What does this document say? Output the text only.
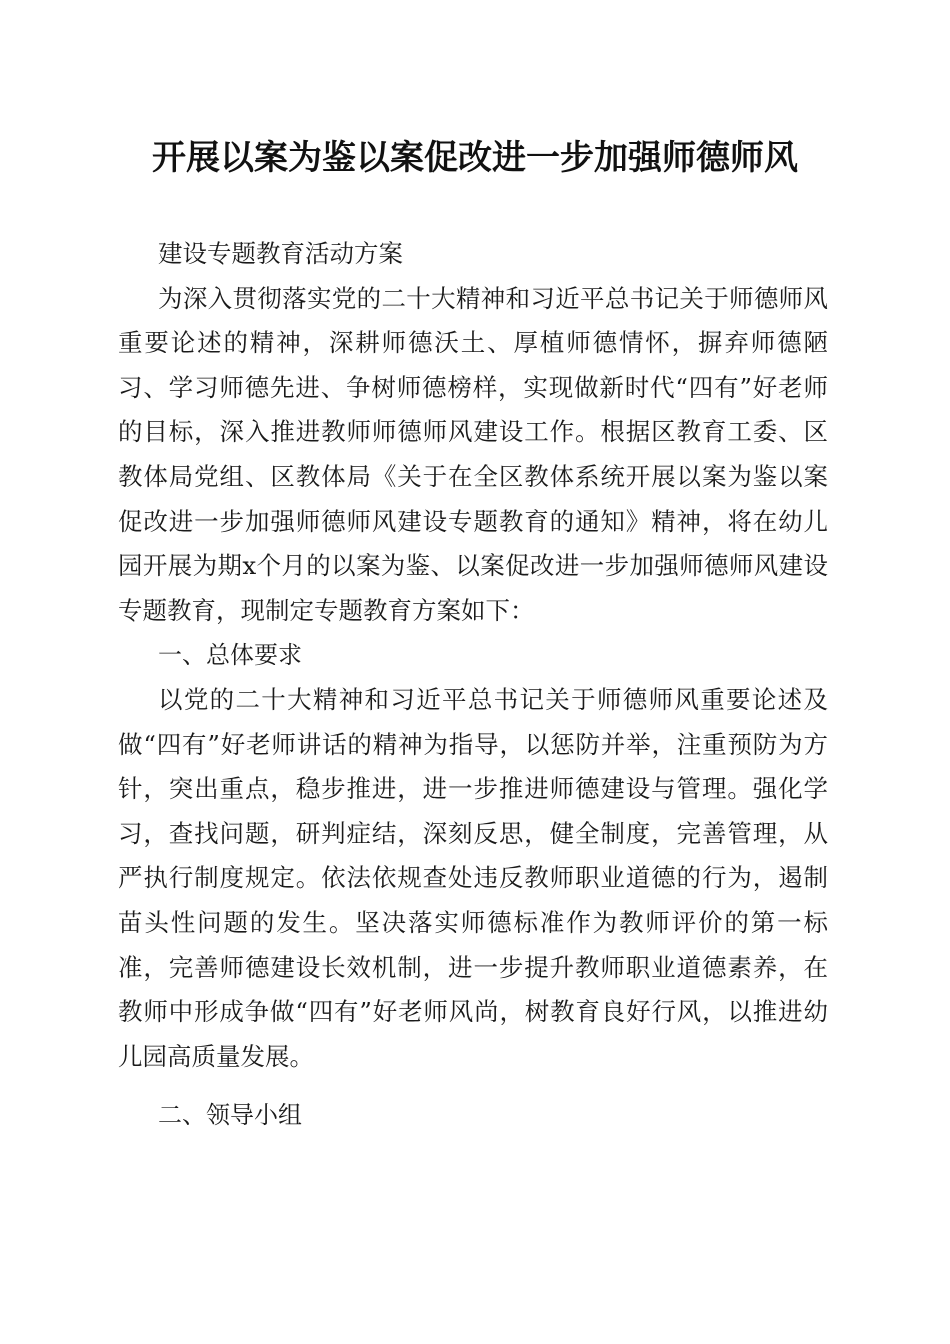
开展以案为鉴以案促改进一步加强师德师风

建设专题教育活动方案

为深入贯彻落实党的二十大精神和习近平总书记关于师德师风重要论述的精神，深耕师德沃土、厚植师德情怀，摒弃师德陋习、学习师德先进、争树师德榜样，实现做新时代“四有”好老师的目标，深入推进教师师德师风建设工作。根据区教育工委、区教体局党组、区教体局《关于在全区教体系统开展以案为鉴以案促改进一步加强师德师风建设专题教育的通知》精神，将在幼儿园开展为期x个月的以案为鉴、以案促改进一步加强师德师风建设专题教育，现制定专题教育方案如下：

一、总体要求

以党的二十大精神和习近平总书记关于师德师风重要论述及做“四有”好老师讲话的精神为指导，以惩防并举，注重预防为方针，突出重点，稳步推进，进一步推进师德建设与管理。强化学习，查找问题，研判症结，深刻反思，健全制度，完善管理，从严执行制度规定。依法依规查处违反教师职业道德的行为，遏制苗头性问题的发生。坚决落实师德标准作为教师评价的第一标准，完善师德建设长效机制，进一步提升教师职业道德素养，在教师中形成争做“四有”好老师风尚，树教育良好行风，以推进幼儿园高质量发展。

二、领导小组
